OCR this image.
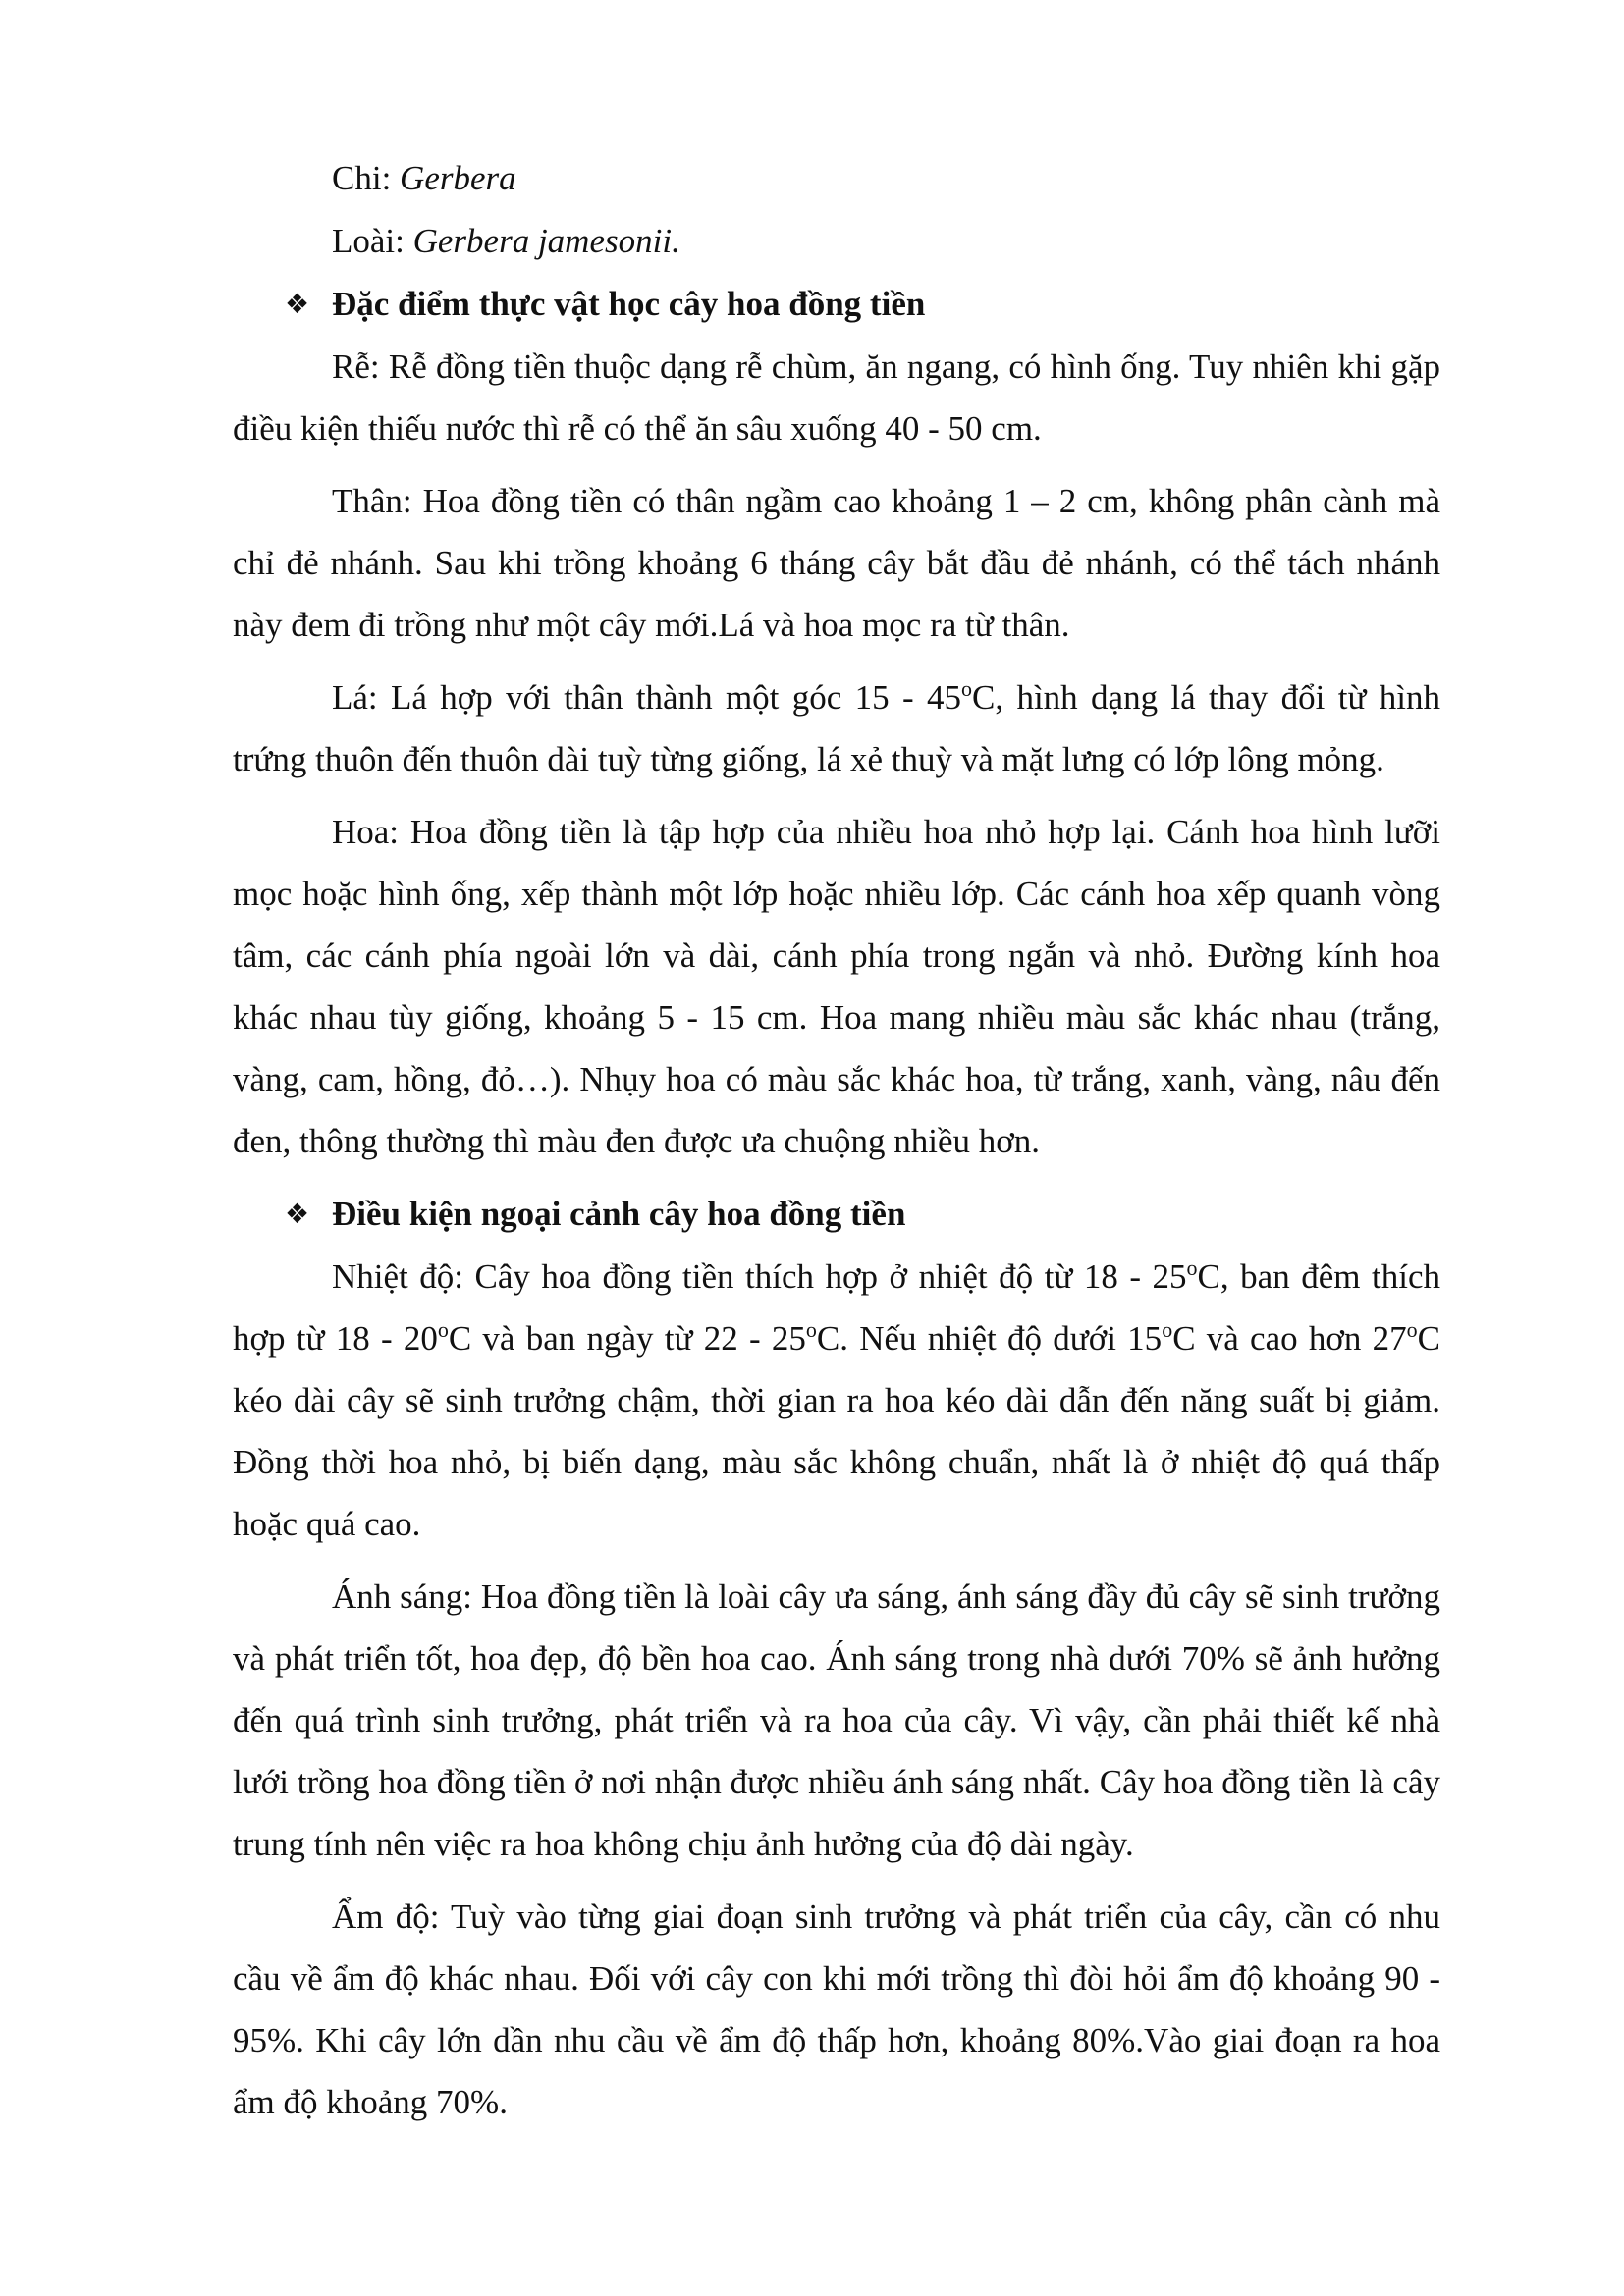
Chi: Gerbera

Loài: Gerbera jamesonii.

❖ Đặc điểm thực vật học cây hoa đồng tiền

Rễ: Rễ đồng tiền thuộc dạng rễ chùm, ăn ngang, có hình ống. Tuy nhiên khi gặp điều kiện thiếu nước thì rễ có thể ăn sâu xuống 40 - 50 cm.

Thân: Hoa đồng tiền có thân ngầm cao khoảng 1 – 2 cm, không phân cành mà chỉ đẻ nhánh. Sau khi trồng khoảng 6 tháng cây bắt đầu đẻ nhánh, có thể tách nhánh này đem đi trồng như một cây mới.Lá và hoa mọc ra từ thân.

Lá: Lá hợp với thân thành một góc 15 - 45$^o$C, hình dạng lá thay đổi từ hình trứng thuôn đến thuôn dài tuỳ từng giống, lá xẻ thuỳ và mặt lưng có lớp lông mỏng.

Hoa: Hoa đồng tiền là tập hợp của nhiều hoa nhỏ hợp lại. Cánh hoa hình lưỡi mọc hoặc hình ống, xếp thành một lớp hoặc nhiều lớp. Các cánh hoa xếp quanh vòng tâm, các cánh phía ngoài lớn và dài, cánh phía trong ngắn và nhỏ. Đường kính hoa khác nhau tùy giống, khoảng 5 - 15 cm. Hoa mang nhiều màu sắc khác nhau (trắng, vàng, cam, hồng, đỏ…). Nhụy hoa có màu sắc khác hoa, từ trắng, xanh, vàng, nâu đến đen, thông thường thì màu đen được ưa chuộng nhiều hơn.

❖ Điều kiện ngoại cảnh cây hoa đồng tiền

Nhiệt độ: Cây hoa đồng tiền thích hợp ở nhiệt độ từ 18 - 25$^o$C, ban đêm thích hợp từ 18 - 20$^o$C và ban ngày từ 22 - 25$^o$C. Nếu nhiệt độ dưới 15$^o$C và cao hơn 27$^o$C kéo dài cây sẽ sinh trưởng chậm, thời gian ra hoa kéo dài dẫn đến năng suất bị giảm. Đồng thời hoa nhỏ, bị biến dạng, màu sắc không chuẩn, nhất là ở nhiệt độ quá thấp hoặc quá cao.

Ánh sáng: Hoa đồng tiền là loài cây ưa sáng, ánh sáng đầy đủ cây sẽ sinh trưởng và phát triển tốt, hoa đẹp, độ bền hoa cao. Ánh sáng trong nhà dưới 70% sẽ ảnh hưởng đến quá trình sinh trưởng, phát triển và ra hoa của cây. Vì vậy, cần phải thiết kế nhà lưới trồng hoa đồng tiền ở nơi nhận được nhiều ánh sáng nhất. Cây hoa đồng tiền là cây trung tính nên việc ra hoa không chịu ảnh hưởng của độ dài ngày.

Ẩm độ: Tuỳ vào từng giai đoạn sinh trưởng và phát triển của cây, cần có nhu cầu về ẩm độ khác nhau. Đối với cây con khi mới trồng thì đòi hỏi ẩm độ khoảng 90 - 95%. Khi cây lớn dần nhu cầu về ẩm độ thấp hơn, khoảng 80%.Vào giai đoạn ra hoa ẩm độ khoảng 70%.
